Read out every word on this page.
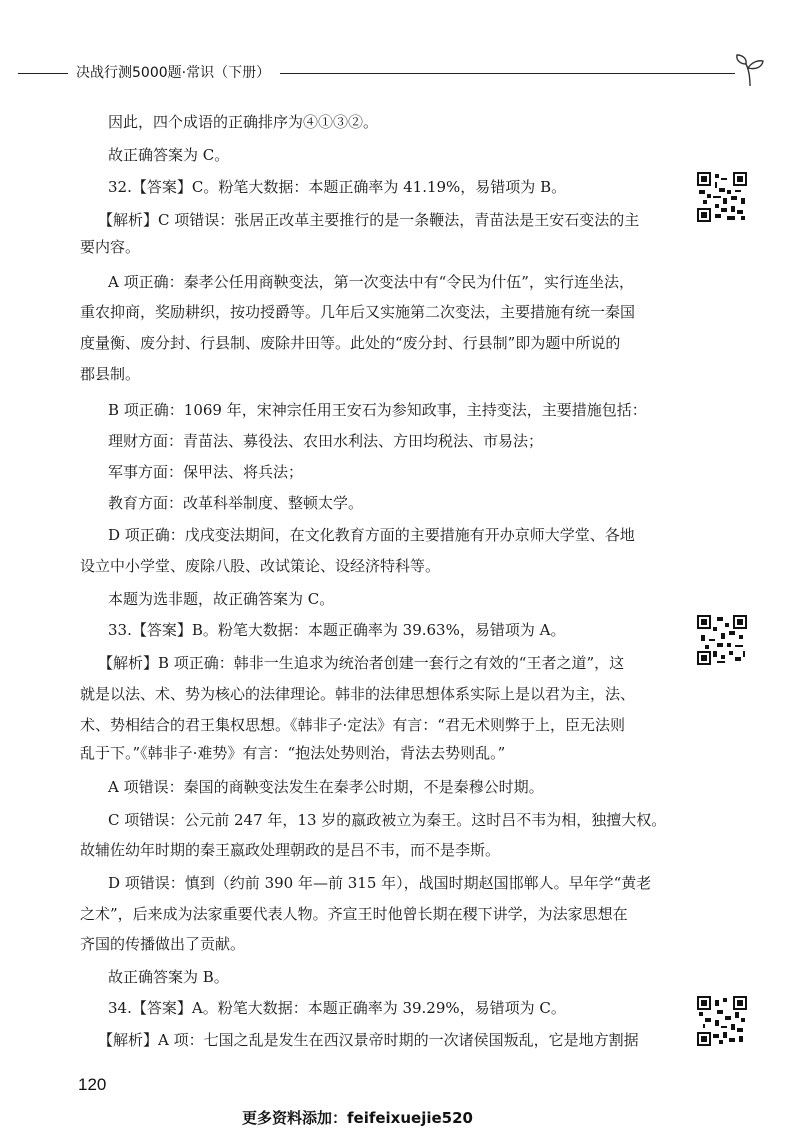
决战行测5000题·常识（下册）
因此，四个成语的正确排序为④①③②。
故正确答案为 C。
32.【答案】C。粉笔大数据：本题正确率为 41.19%，易错项为 B。
【解析】C 项错误：张居正改革主要推行的是一条鞭法，青苗法是王安石变法的主
要内容。
A 项正确：秦孝公任用商鞅变法，第一次变法中有“令民为什伍”，实行连坐法，
重农抑商，奖励耕织，按功授爵等。几年后又实施第二次变法，主要措施有统一秦国
度量衡、废分封、行县制、废除井田等。此处的“废分封、行县制”即为题中所说的
郡县制。
B 项正确：1069 年，宋神宗任用王安石为参知政事，主持变法，主要措施包括：
理财方面：青苗法、募役法、农田水利法、方田均税法、市易法；
军事方面：保甲法、将兵法；
教育方面：改革科举制度、整顿太学。
D 项正确：戊戌变法期间，在文化教育方面的主要措施有开办京师大学堂、各地
设立中小学堂、废除八股、改试策论、设经济特科等。
本题为选非题，故正确答案为 C。
33.【答案】B。粉笔大数据：本题正确率为 39.63%，易错项为 A。
【解析】B 项正确：韩非一生追求为统治者创建一套行之有效的“王者之道”，这
就是以法、术、势为核心的法律理论。韩非的法律思想体系实际上是以君为主，法、
术、势相结合的君王集权思想。《韩非子·定法》有言：“君无术则弊于上，臣无法则
乱于下。”《韩非子·难势》有言：“抱法处势则治，背法去势则乱。”
A 项错误：秦国的商鞅变法发生在秦孝公时期，不是秦穆公时期。
C 项错误：公元前 247 年，13 岁的嬴政被立为秦王。这时吕不韦为相，独擅大权。
故辅佐幼年时期的秦王嬴政处理朝政的是吕不韦，而不是李斯。
D 项错误：慎到（约前 390 年—前 315 年），战国时期赵国邯郸人。早年学“黄老
之术”，后来成为法家重要代表人物。齐宣王时他曾长期在稷下讲学，为法家思想在
齐国的传播做出了贡献。
故正确答案为 B。
34.【答案】A。粉笔大数据：本题正确率为 39.29%，易错项为 C。
【解析】A 项：七国之乱是发生在西汉景帝时期的一次诸侯国叛乱，它是地方割据
120
更多资料添加：feifeixuejie520
